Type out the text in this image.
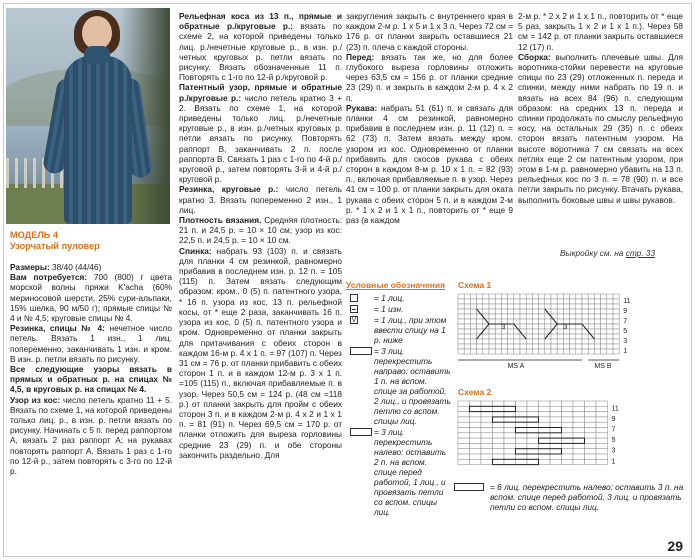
МОДЕЛЬ 4
Узорчатый пуловер

Размеры: 38/40 (44/46)

Вам потребуется: 700 (800) г цвета морской волны пряжи K'acha (60% мериносовой шерсти, 25% сури-альпаки, 15% шелка, 90 м/50 г); прямые спицы № 4 и № 4,5; круговые спицы № 4.

Резинка, спицы № 4: нечетное число петель. Вязать 1 изн., 1 лиц. попеременно, заканчивать 1 изн. и кром. В изн. р. петли вязать по рисунку.

Все следующие узоры вязать в прямых и обратных р. на спицах № 4,5, в круговых р. на спицах № 4.

Узор из кос: число петель кратно 11 + 5. Вязать по схеме 1, на которой приведены только лиц. р., в изн. р. петли вязать по рисунку. Начинать с 5 п. перед раппортом А, вязать 2 раз раппорт А; на рукавах повторять раппорт А. Вязать 1 раз с 1-го по 12-й р., затем повторять с 3-го по 12-й р.

Рельефная коса из 13 п., прямые и обратные р./круговые р.: вязать по схеме 2, на которой приведены только лиц. р./нечетные круговые р., в изн. р./четных круговых р. петли вязать по рисунку. Вязать обозначенные 11 п. Повторять с 1-го по 12-й р./круговой р.

Патентный узор, прямые и обратные р./круговые р.: число петель кратно 3 + 2. Вязать по схеме 1, на которой приведены только лиц. р./нечетные круговые р., в изн. р./четных круговых р. петли вязать по рисунку. Повторять раппорт В, заканчивать 2 п. после раппорта В. Связать 1 раз с 1-го по 4-й р./круговой р., затем повторять 3-й и 4-й р./круговой р.

Резинка, круговые р.: число петель кратно 3. Вязать попеременно 2 изн., 1 лиц.

Плотность вязания. Средняя плотность: 21 п. и 24,5 р. = 10 × 10 см; узор из кос: 22,5 п. и 24,5 р. = 10 × 10 см.

Спинка: набрать 93 (103) п. и связать для планки 4 см резинкой, равномерно прибавив в последнем изн. р. 12 п. = 105 (115) п. Затем вязать следующим образом: кром., 0 (5) п. патентного узора, * 16 п. узора из кос, 13 п. рельефной косы, от * еще 2 раза, заканчивать 16 п. узора из кос, 0 (5) п. патентного узора и кром. Одновременно от планки закрыть для притачивания с обеих сторон в каждом 16-м р. 4 х 1 п. = 97 (107) п. Через 31 см = 76 р. от планки прибавить с обеих сторон 1 п. и в каждом 12-м р. 3 х 1 п. =105 (115) п., включая прибавляемые п. в узор. Через 50,5 см = 124 р. (48 см =118 р.) от планки закрыть для пройм с обеих сторон 3 п. и в каждом 2-м р. 4 х 2 и 1 х 1 п. = 81 (91) п. Через 69,5 см = 170 р. от планки отложить для выреза горловины средние 23 (29) п. и обе стороны закончить раздельно. Для

закругления закрыть с внутреннего края в каждом 2-м р. 1 х 5 и 1 х 3 п. Через 72 см = 176 р. от планки закрыть оставшиеся 21 (23) п. плеча с каждой стороны.

Перед: вязать так же, но для более глубокого выреза горловины отложить через 63,5 см = 156 р. от планки средние 23 (29) п. и закрыть в каждом 2-м р. 4 х 2 п.

Рукава: набрать 51 (61) п. и связать для планки 4 см резинкой, равномерно прибавив в последнем изн. р. 11 (12) п. = 62 (73) п. Затем вязать между кром. узором из кос. Одновременно от планки прибавить для скосов рукава с обеих сторон в каждом 8-м р. 10 х 1 п. = 82 (93) п., включая прибавляемые п. в узор. Через 41 см = 100 р. от планки закрыть для оката рукава с обеих сторон 5 п. и в каждом 2-м р. * 1 х 2 и 1 х 1 п., повторить от * еще 9 раз (в каждом

2-м р. * 2 х 2 и 1 х 1 п., повторить от * еще 5 раз, закрыть 1 х 2 и 1 х 1 п.). Через 58 см = 142 р. от планки закрыть оставшиеся 12 (17) п.

Сборка: выполнить плечевые швы. Для воротника-стойки перевести на круговые спицы по 23 (29) отложенных п. переда и спинки, между ними набрать по 19 п. и вязать на всех 84 (96) п. следующим образом: на средних 13 п. переда и спинки продолжать по смыслу рельефную косу, на остальных 29 (35) п. с обеих сторон вязать патентным узором. На высоте воротника 7 см связать на всех петлях еще 2 см патентным узором, при этом в 1-м р. равномерно убавить на 13 п. рельефных кос по 3 п. = 78 (90) п. и все петли закрыть по рисунку. Втачать рукава, выполнить боковые швы и швы рукавов.

Выкройку см. на стр. 33
Условные обозначения
= 1 лиц.
= 1 изн.
V = 1 лиц., при этом ввести спицу на 1 р. ниже
= 3 лиц. перекрестить направо: оставить 1 п. на вспом. спице за работой, 2 лиц., и провязать петлю со вспом. спицы лиц.
= 3 лиц. перекрестить налево: оставить 2 п. на вспом. спице перед работой, 1 лиц., и провязать петли со вспом. спицы лиц.
Схема 1
3	3
11
9
7
5
3
1
MS A	MS B
Схема 2
11
9
7
5
3
1
= 6 лиц. перекрестить налево: оставить 3 п. на вспом. спице перед работой, 3 лиц. и провязать петли со вспом. спицы лиц.
29
